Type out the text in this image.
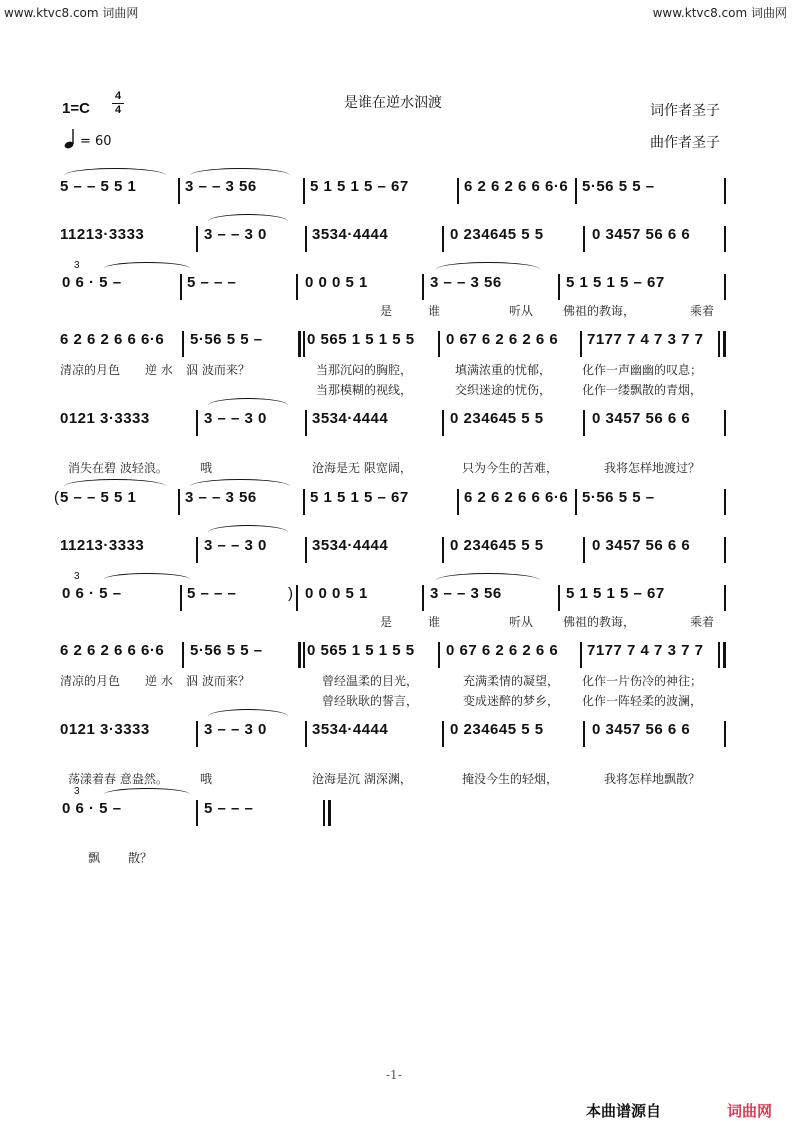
www.ktvc8.com 词曲网	www.ktvc8.com 词曲网
1=C
4
4	是谁在逆水泅渡	词作者圣子
曲作者圣子
= 60
5 – – 5 5 1	3 – – 3 56	5 1 5 1 5 – 67	6 2 6 2 6 6 6·6 5·56 5 5 –
11213·3333	3 – – 3 0	3534·4444	0 234645 5 5	0 3457 56 6 6
0 6 · 5 –	5 – – –	0 0 0 5 1	3 – – 3 56	5 1 5 1 5 – 67
6 2 6 2 6 6 6·6 5·56 5 5 –	0 565 1 5 1 5 5 0 67 6 2 6 2 6 6 7177 7 4 7 3 7 7
0121 3·3333	3 – – 3 0	3534·4444	0 234645 5 5	0 3457 56 6 6
5 – – 5 5 1	3 – – 3 56	5 1 5 1 5 – 67	6 2 6 2 6 6 6·6 5·56 5 5 –
11213·3333	3 – – 3 0	3534·4444	0 234645 5 5	0 3457 56 6 6
0 6 · 5 –	5 – – –	0 0 0 5 1	3 – – 3 56	5 1 5 1 5 – 67
6 2 6 2 6 6 6·6 5·56 5 5 –	0 565 1 5 1 5 5 0 67 6 2 6 2 6 6 7177 7 4 7 3 7 7
0121 3·3333	3 – – 3 0	3534·4444	0 234645 5 5	0 3457 56 6 6
0 6 · 5 –	5 – – –
3
3
3
(
)
是	谁	听从 佛祖的教诲，	乘着
清凉的月色 逆 水 泅 波而来？	当那沉闷的胸腔，	填满浓重的忧郁，	化作一声幽幽的叹息；
当那模糊的视线，	交织迷途的忧伤，	化作一缕飘散的青烟，
消失在碧 波轻浪。	哦	沧海是无 限宽阔，	只为今生的苦难，	我将怎样地渡过？
是	谁	听从 佛祖的教诲，	乘着
清凉的月色 逆 水 泅 波而来？	曾经温柔的目光，	充满柔情的凝望， 化作一片伤冷的神往；
曾经耿耿的誓言，	变成迷醉的梦乡， 化作一阵轻柔的波澜，
荡漾着春 意盎然。	哦	沧海是沉 湖深渊，	掩没今生的轻烟，	我将怎样地飘散？
飘 散？
-1-
本曲谱源自	词曲网
